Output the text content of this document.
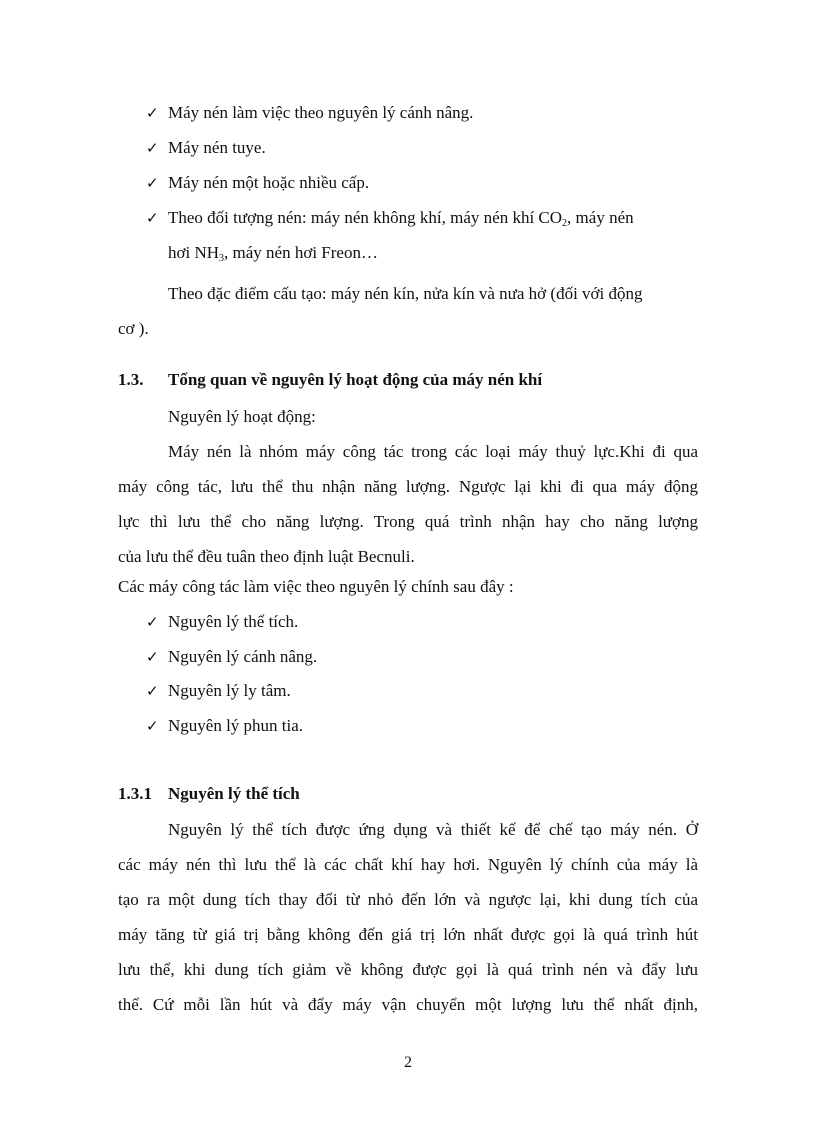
✓ Máy nén làm việc theo nguyên lý cánh nâng.
✓ Máy nén tuye.
✓ Máy nén một hoặc nhiều cấp.
✓ Theo đối tượng nén: máy nén không khí, máy nén khí $CO_2$, máy nén
hơi $NH_3$, máy nén hơi Freon…
Theo đặc điểm cấu tạo: máy nén kín, nửa kín và nưa hở (đối với động
cơ ).
1.3. Tổng quan về nguyên lý hoạt động của máy nén khí
Nguyên lý hoạt động:
Máy nén là nhóm máy công tác trong các loại máy thuỷ lực.Khi đi qua
máy công tác, lưu thể thu nhận năng lượng. Ngược lại khi đi qua máy động
lực thì lưu thể cho năng lượng. Trong quá trình nhận hay cho năng lượng
của lưu thể đều tuân theo định luật Becnuli.
Các máy công tác làm việc theo nguyên lý chính sau đây :
✓ Nguyên lý thể tích.
✓ Nguyên lý cánh nâng.
✓ Nguyên lý ly tâm.
✓ Nguyên lý phun tia.
1.3.1 Nguyên lý thể tích
Nguyên lý thể tích được ứng dụng và thiết kế để chế tạo máy nén. Ở
các máy nén thì lưu thể là các chất khí hay hơi. Nguyên lý chính của máy là
tạo ra một dung tích thay đổi từ nhỏ đến lớn và ngược lại, khi dung tích của
máy tăng từ giá trị bằng không đến giá trị lớn nhất được gọi là quá trình hút
lưu thể, khi dung tích giảm về không được gọi là quá trình nén và đẩy lưu
thể. Cứ mỗi lần hút và đẩy máy vận chuyển một lượng lưu thể nhất định,
2
